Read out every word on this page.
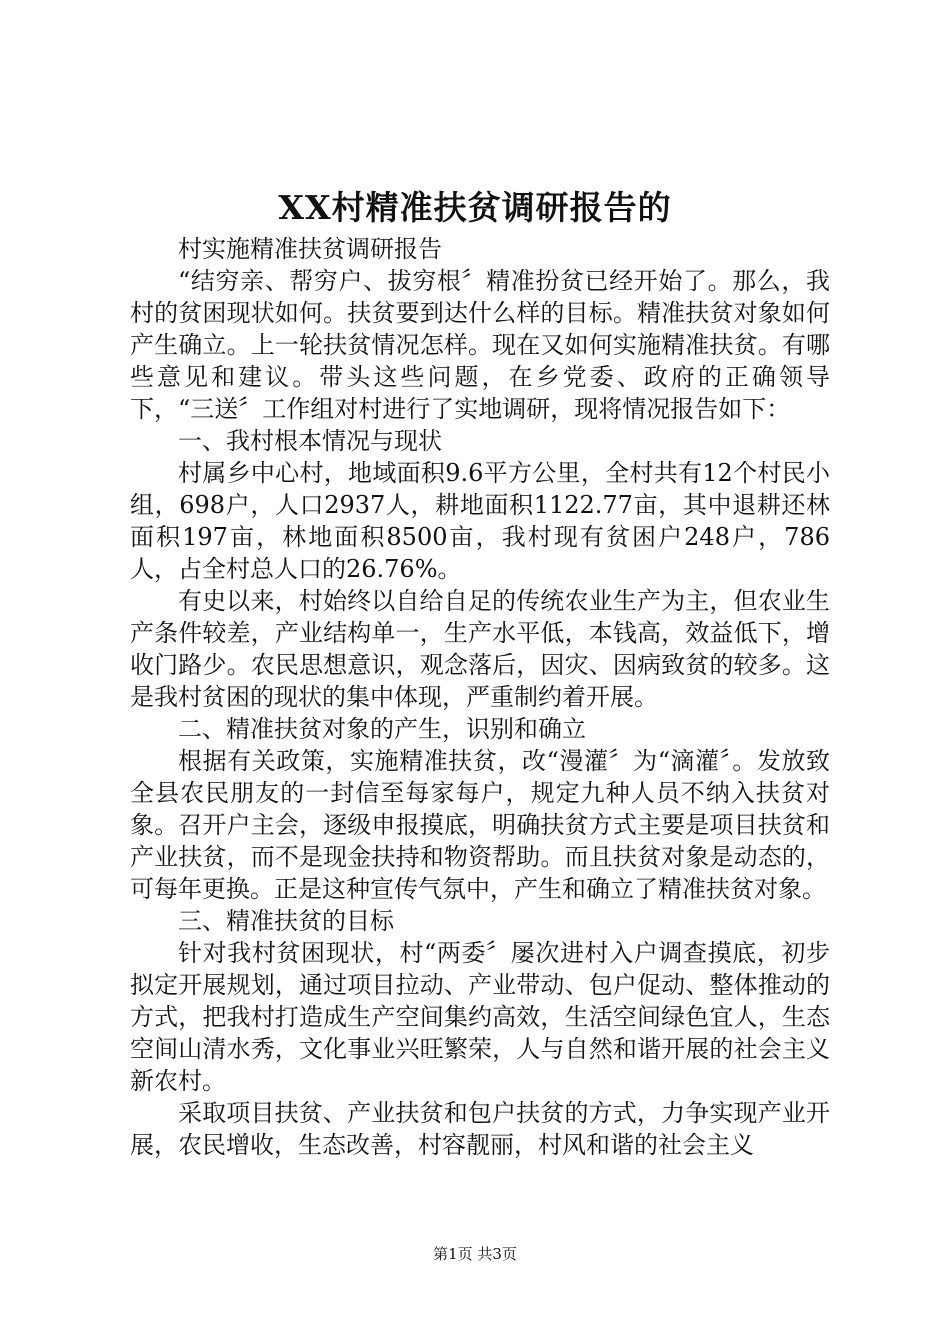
XX村精准扶贫调研报告的

村实施精准扶贫调研报告

“结穷亲、帮穷户、拔穷根〞精准扮贫已经开始了。那么，我村的贫困现状如何。扶贫要到达什么样的目标。精准扶贫对象如何产生确立。上一轮扶贫情况怎样。现在又如何实施精准扶贫。有哪些意见和建议。带头这些问题，在乡党委、政府的正确领导下，“三送〞工作组对村进行了实地调研，现将情况报告如下：

一、我村根本情况与现状

村属乡中心村，地域面积9.6平方公里，全村共有12个村民小组，698户，人口2937人，耕地面积1122.77亩，其中退耕还林面积197亩，林地面积8500亩，我村现有贫困户248户，786人，占全村总人口的26.76%。

有史以来，村始终以自给自足的传统农业生产为主，但农业生产条件较差，产业结构单一，生产水平低，本钱高，效益低下，增收门路少。农民思想意识，观念落后，因灾、因病致贫的较多。这是我村贫困的现状的集中体现，严重制约着开展。

二、精准扶贫对象的产生，识别和确立

根据有关政策，实施精准扶贫，改“漫灌〞为“滴灌〞。发放致全县农民朋友的一封信至每家每户，规定九种人员不纳入扶贫对象。召开户主会，逐级申报摸底，明确扶贫方式主要是项目扶贫和产业扶贫，而不是现金扶持和物资帮助。而且扶贫对象是动态的，可每年更换。正是这种宣传气氛中，产生和确立了精准扶贫对象。

三、精准扶贫的目标

针对我村贫困现状，村“两委〞屡次进村入户调查摸底，初步拟定开展规划，通过项目拉动、产业带动、包户促动、整体推动的方式，把我村打造成生产空间集约高效，生活空间绿色宜人，生态空间山清水秀，文化事业兴旺繁荣，人与自然和谐开展的社会主义新农村。

采取项目扶贫、产业扶贫和包户扶贫的方式，力争实现产业开展，农民增收，生态改善，村容靓丽，村风和谐的社会主义

第1页 共3页
